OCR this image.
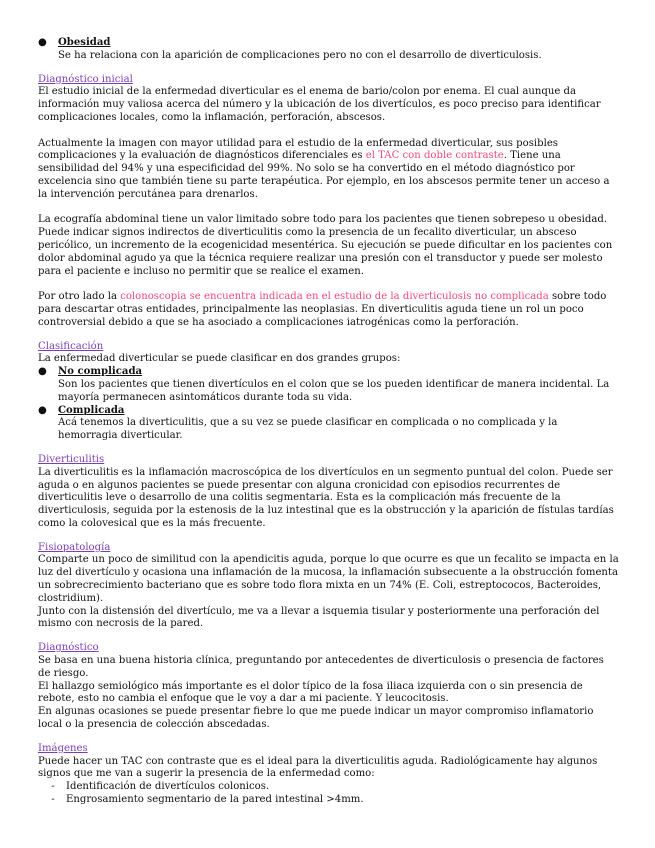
●	Obesidad

Se ha relaciona con la aparición de complicaciones pero no con el desarrollo de diverticulosis.

Diagnóstico inicial

El estudio inicial de la enfermedad diverticular es el enema de bario/colon por enema. El cual aunque da información muy valiosa acerca del número y la ubicación de los divertículos, es poco preciso para identificar complicaciones locales, como la inflamación, perforación, abscesos.

Actualmente la imagen con mayor utilidad para el estudio de la enfermedad diverticular, sus posibles complicaciones y la evaluación de diagnósticos diferenciales es el TAC con doble contraste. Tiene una sensibilidad del 94% y una especificidad del 99%. No solo se ha convertido en el método diagnóstico por excelencia sino que también tiene su parte terapéutica. Por ejemplo, en los abscesos permite tener un acceso a la intervención percutánea para drenarlos.

La ecografía abdominal tiene un valor limitado sobre todo para los pacientes que tienen sobrepeso u obesidad. Puede indicar signos indirectos de diverticulitis como la presencia de un fecalito diverticular, un absceso pericólico, un incremento de la ecogenicidad mesentérica. Su ejecución se puede dificultar en los pacientes con dolor abdominal agudo ya que la técnica requiere realizar una presión con el transductor y puede ser molesto para el paciente e incluso no permitir que se realice el examen.

Por otro lado la colonoscopia se encuentra indicada en el estudio de la diverticulosis no complicada sobre todo para descartar otras entidades, principalmente las neoplasias. En diverticulitis aguda tiene un rol un poco controversial debido a que se ha asociado a complicaciones iatrogénicas como la perforación.

Clasificación

La enfermedad diverticular se puede clasificar en dos grandes grupos:

●	No complicada

Son los pacientes que tienen divertículos en el colon que se los pueden identificar de manera incidental. La mayoría permanecen asintomáticos durante toda su vida.

●	Complicada

Acá tenemos la diverticulitis, que a su vez se puede clasificar en complicada o no complicada y la hemorragia diverticular.

Diverticulitis

La diverticulitis es la inflamación macroscópica de los divertículos en un segmento puntual del colon. Puede ser aguda o en algunos pacientes se puede presentar con alguna cronicidad con episodios recurrentes de diverticulitis leve o desarrollo de una colitis segmentaria. Esta es la complicación más frecuente de la diverticulosis, seguida por la estenosis de la luz intestinal que es la obstrucción y la aparición de fístulas tardías como la colovesical que es la más frecuente.

Fisiopatología

Comparte un poco de similitud con la apendicitis aguda, porque lo que ocurre es que un fecalito se impacta en la luz del divertículo y ocasiona una inflamación de la mucosa, la inflamación subsecuente a la obstrucción fomenta un sobrecrecimiento bacteriano que es sobre todo flora mixta en un 74% (E. Coli, estreptococos, Bacteroides, clostridium).

Junto con la distensión del divertículo, me va a llevar a isquemia tisular y posteriormente una perforación del mismo con necrosis de la pared.

Diagnóstico

Se basa en una buena historia clínica, preguntando por antecedentes de diverticulosis o presencia de factores de riesgo.

El hallazgo semiológico más importante es el dolor típico de la fosa iliaca izquierda con o sin presencia de rebote, esto no cambia el enfoque que le voy a dar a mi paciente. Y leucocitosis.

En algunas ocasiones se puede presentar fiebre lo que me puede indicar un mayor compromiso inflamatorio local o la presencia de colección abscedadas.

Imágenes

Puede hacer un TAC con contraste que es el ideal para la diverticulitis aguda. Radiológicamente hay algunos signos que me van a sugerir la presencia de la enfermedad como:

-	Identificación de divertículos colonicos.
-	Engrosamiento segmentario de la pared intestinal >4mm.
